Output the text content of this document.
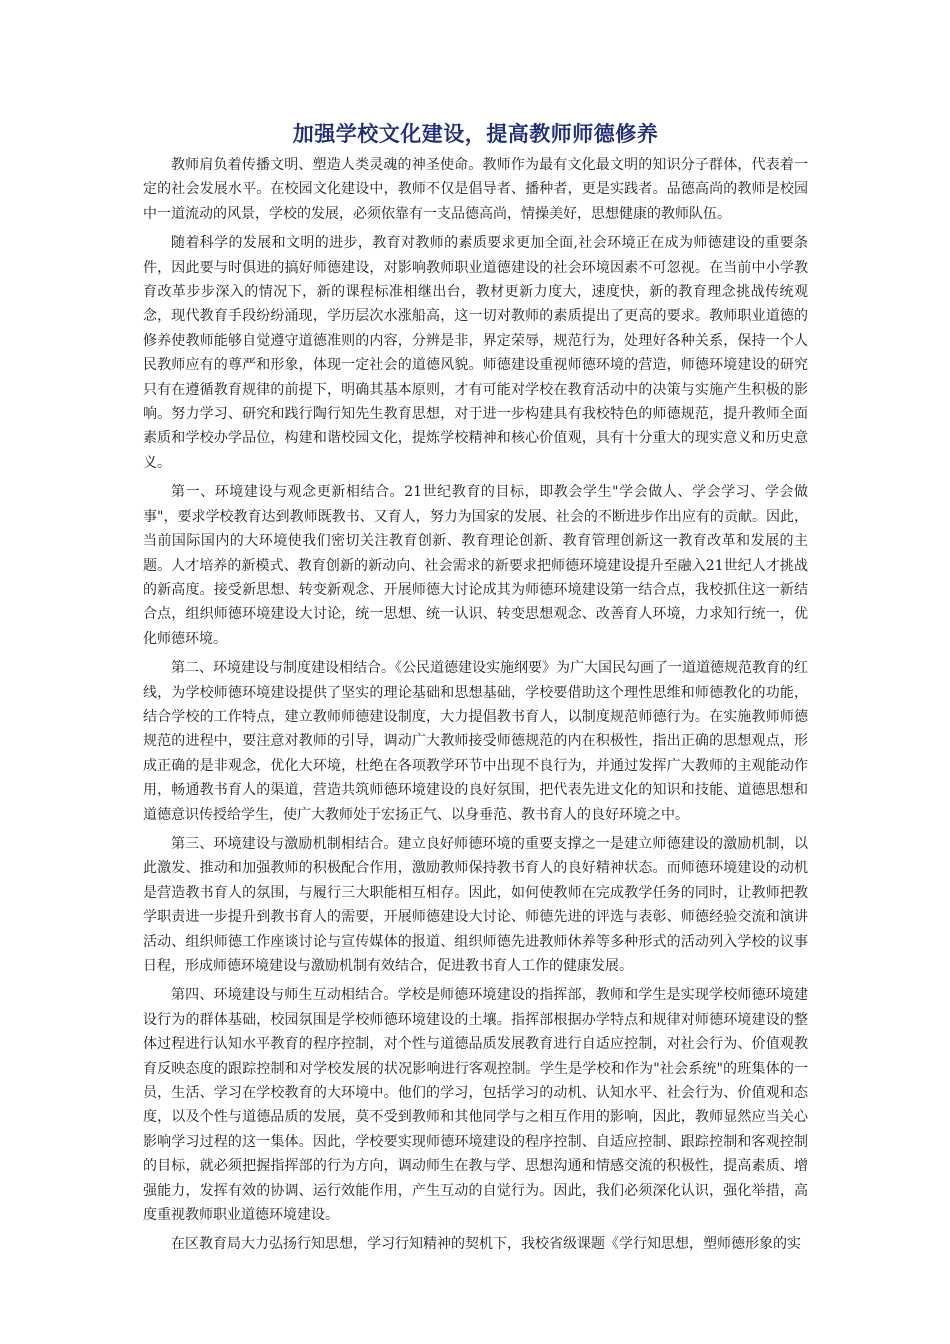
加强学校文化建设，提高教师师德修养

教师肩负着传播文明、塑造人类灵魂的神圣使命。教师作为最有文化最文明的知识分子群体，代表着一定的社会发展水平。在校园文化建设中，教师不仅是倡导者、播种者，更是实践者。品德高尚的教师是校园中一道流动的风景，学校的发展，必须依靠有一支品德高尚，情操美好，思想健康的教师队伍。

随着科学的发展和文明的进步，教育对教师的素质要求更加全面,社会环境正在成为师德建设的重要条件，因此要与时俱进的搞好师德建设，对影响教师职业道德建设的社会环境因素不可忽视。在当前中小学教育改革步步深入的情况下，新的课程标准相继出台，教材更新力度大，速度快，新的教育理念挑战传统观念，现代教育手段纷纷涌现，学历层次水涨船高，这一切对教师的素质提出了更高的要求。教师职业道德的修养使教师能够自觉遵守道德准则的内容，分辨是非，界定荣辱，规范行为，处理好各种关系，保持一个人民教师应有的尊严和形象，体现一定社会的道德风貌。师德建设重视师德环境的营造，师德环境建设的研究只有在遵循教育规律的前提下，明确其基本原则，才有可能对学校在教育活动中的决策与实施产生积极的影响。努力学习、研究和践行陶行知先生教育思想，对于进一步构建具有我校特色的师德规范，提升教师全面素质和学校办学品位，构建和谐校园文化，提炼学校精神和核心价值观，具有十分重大的现实意义和历史意义。

第一、环境建设与观念更新相结合。21世纪教育的目标，即教会学生"学会做人、学会学习、学会做事"，要求学校教育达到教师既教书、又育人，努力为国家的发展、社会的不断进步作出应有的贡献。因此，当前国际国内的大环境使我们密切关注教育创新、教育理论创新、教育管理创新这一教育改革和发展的主题。人才培养的新模式、教育创新的新动向、社会需求的新要求把师德环境建设提升至融入21世纪人才挑战的新高度。接受新思想、转变新观念、开展师德大讨论成其为师德环境建设第一结合点，我校抓住这一新结合点，组织师德环境建设大讨论，统一思想、统一认识、转变思想观念、改善育人环境，力求知行统一，优化师德环境。

第二、环境建设与制度建设相结合。《公民道德建设实施纲要》为广大国民勾画了一道道德规范教育的红线，为学校师德环境建设提供了坚实的理论基础和思想基础，学校要借助这个理性思维和师德教化的功能，结合学校的工作特点，建立教师师德建设制度，大力提倡教书育人，以制度规范师德行为。在实施教师师德规范的进程中，要注意对教师的引导，调动广大教师接受师德规范的内在积极性，指出正确的思想观点，形成正确的是非观念，优化大环境，杜绝在各项教学环节中出现不良行为，并通过发挥广大教师的主观能动作用，畅通教书育人的渠道，营造共筑师德环境建设的良好氛围，把代表先进文化的知识和技能、道德思想和道德意识传授给学生，使广大教师处于宏扬正气、以身垂范、教书育人的良好环境之中。

第三、环境建设与激励机制相结合。建立良好师德环境的重要支撑之一是建立师德建设的激励机制，以此激发、推动和加强教师的积极配合作用，激励教师保持教书育人的良好精神状态。而师德环境建设的动机是营造教书育人的氛围，与履行三大职能相互相存。因此，如何使教师在完成教学任务的同时，让教师把教学职责进一步提升到教书育人的需要，开展师德建设大讨论、师德先进的评选与表彰、师德经验交流和演讲活动、组织师德工作座谈讨论与宣传媒体的报道、组织师德先进教师休养等多种形式的活动列入学校的议事日程，形成师德环境建设与激励机制有效结合，促进教书育人工作的健康发展。

第四、环境建设与师生互动相结合。学校是师德环境建设的指挥部，教师和学生是实现学校师德环境建设行为的群体基础，校园氛围是学校师德环境建设的土壤。指挥部根据办学特点和规律对师德环境建设的整体过程进行认知水平教育的程序控制，对个性与道德品质发展教育进行自适应控制，对社会行为、价值观教育反映态度的跟踪控制和对学校发展的状况影响进行客观控制。学生是学校和作为"社会系统"的班集体的一员，生活、学习在学校教育的大环境中。他们的学习，包括学习的动机、认知水平、社会行为、价值观和态度，以及个性与道德品质的发展，莫不受到教师和其他同学与之相互作用的影响，因此，教师显然应当关心影响学习过程的这一集体。因此，学校要实现师德环境建设的程序控制、自适应控制、跟踪控制和客观控制的目标，就必须把握指挥部的行为方向，调动师生在教与学、思想沟通和情感交流的积极性，提高素质、增强能力，发挥有效的协调、运行效能作用，产生互动的自觉行为。因此，我们必须深化认识，强化举措，高度重视教师职业道德环境建设。

在区教育局大力弘扬行知思想，学习行知精神的契机下，我校省级课题《学行知思想，塑师德形象的实
